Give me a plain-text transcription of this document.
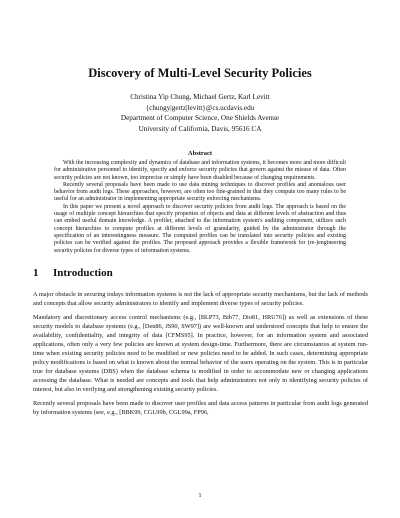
Discovery of Multi-Level Security Policies
Christina Yip Chung, Michael Gertz, Karl Levitt
{chungy|gertz|levitt}@cs.ucdavis.edu
Department of Computer Science, One Shields Avenue
University of California, Davis, 95616 CA
Abstract

With the increasing complexity and dynamics of database and information systems, it becomes more and more difficult for administrative personnel to identify, specify and enforce security policies that govern against the misuse of data. Often security policies are not known, too imprecise or simply have been disabled because of changing requirements.

Recently several proposals have been made to use data mining techniques to discover profiles and anomalous user behavior from audit logs. These approaches, however, are often too fine-grained in that they compute too many rules to be useful for an administrator in implementing appropriate security enforcing mechanisms.

In this paper we present a novel approach to discover security policies from audit logs. The approach is based on the usage of multiple concept hierarchies that specify properties of objects and data at different levels of abstraction and thus can embed useful domain knowledge. A profiler, attached to the information system's auditing component, utilizes such concept hierarchies to compute profiles at different levels of granularity, guided by the administrator through the specification of an interestingness measure. The computed profiles can be translated into security policies and existing policies can be verified against the profiles. The proposed approach provides a flexible framework for (re-)engineering security policies for diverse types of information systems.

1 Introduction

A major obstacle in securing todays information systems is not the lack of appropriate security mechanisms, but the lack of methods and concepts that allow security administrators to identify and implement diverse types of security policies.

Mandatory and discretionary access control mechanisms (e.g., [BLP73, Bib77, Dio81, HRU76]) as well as extensions of these security models to database systems (e.g., [Den86, JS90, SW97]) are well-known and understood concepts that help to ensure the availability, confidentiality, and integrity of data [CFMS95]. In practice, however, for an information system and associated applications, often only a very few policies are known at system design-time. Furthermore, there are circumstances at system run-time when existing security policies need to be modified or new policies need to be added. In such cases, determining appropriate policy modifications is based on what is known about the normal behavior of the users operating on the system. This is in particular true for database systems (DBS) when the database schema is modified in order to accommodate new or changing applications accessing the database. What is needed are concepts and tools that help administrators not only in identifying security policies of interest, but also in verifying and strengthening existing security policies.

Recently several proposals have been made to discover user profiles and data access patterns in particular from audit logs generated by information systems (see, e.g., [BBK99, CGL99b, CGL99a, FP96,

1
